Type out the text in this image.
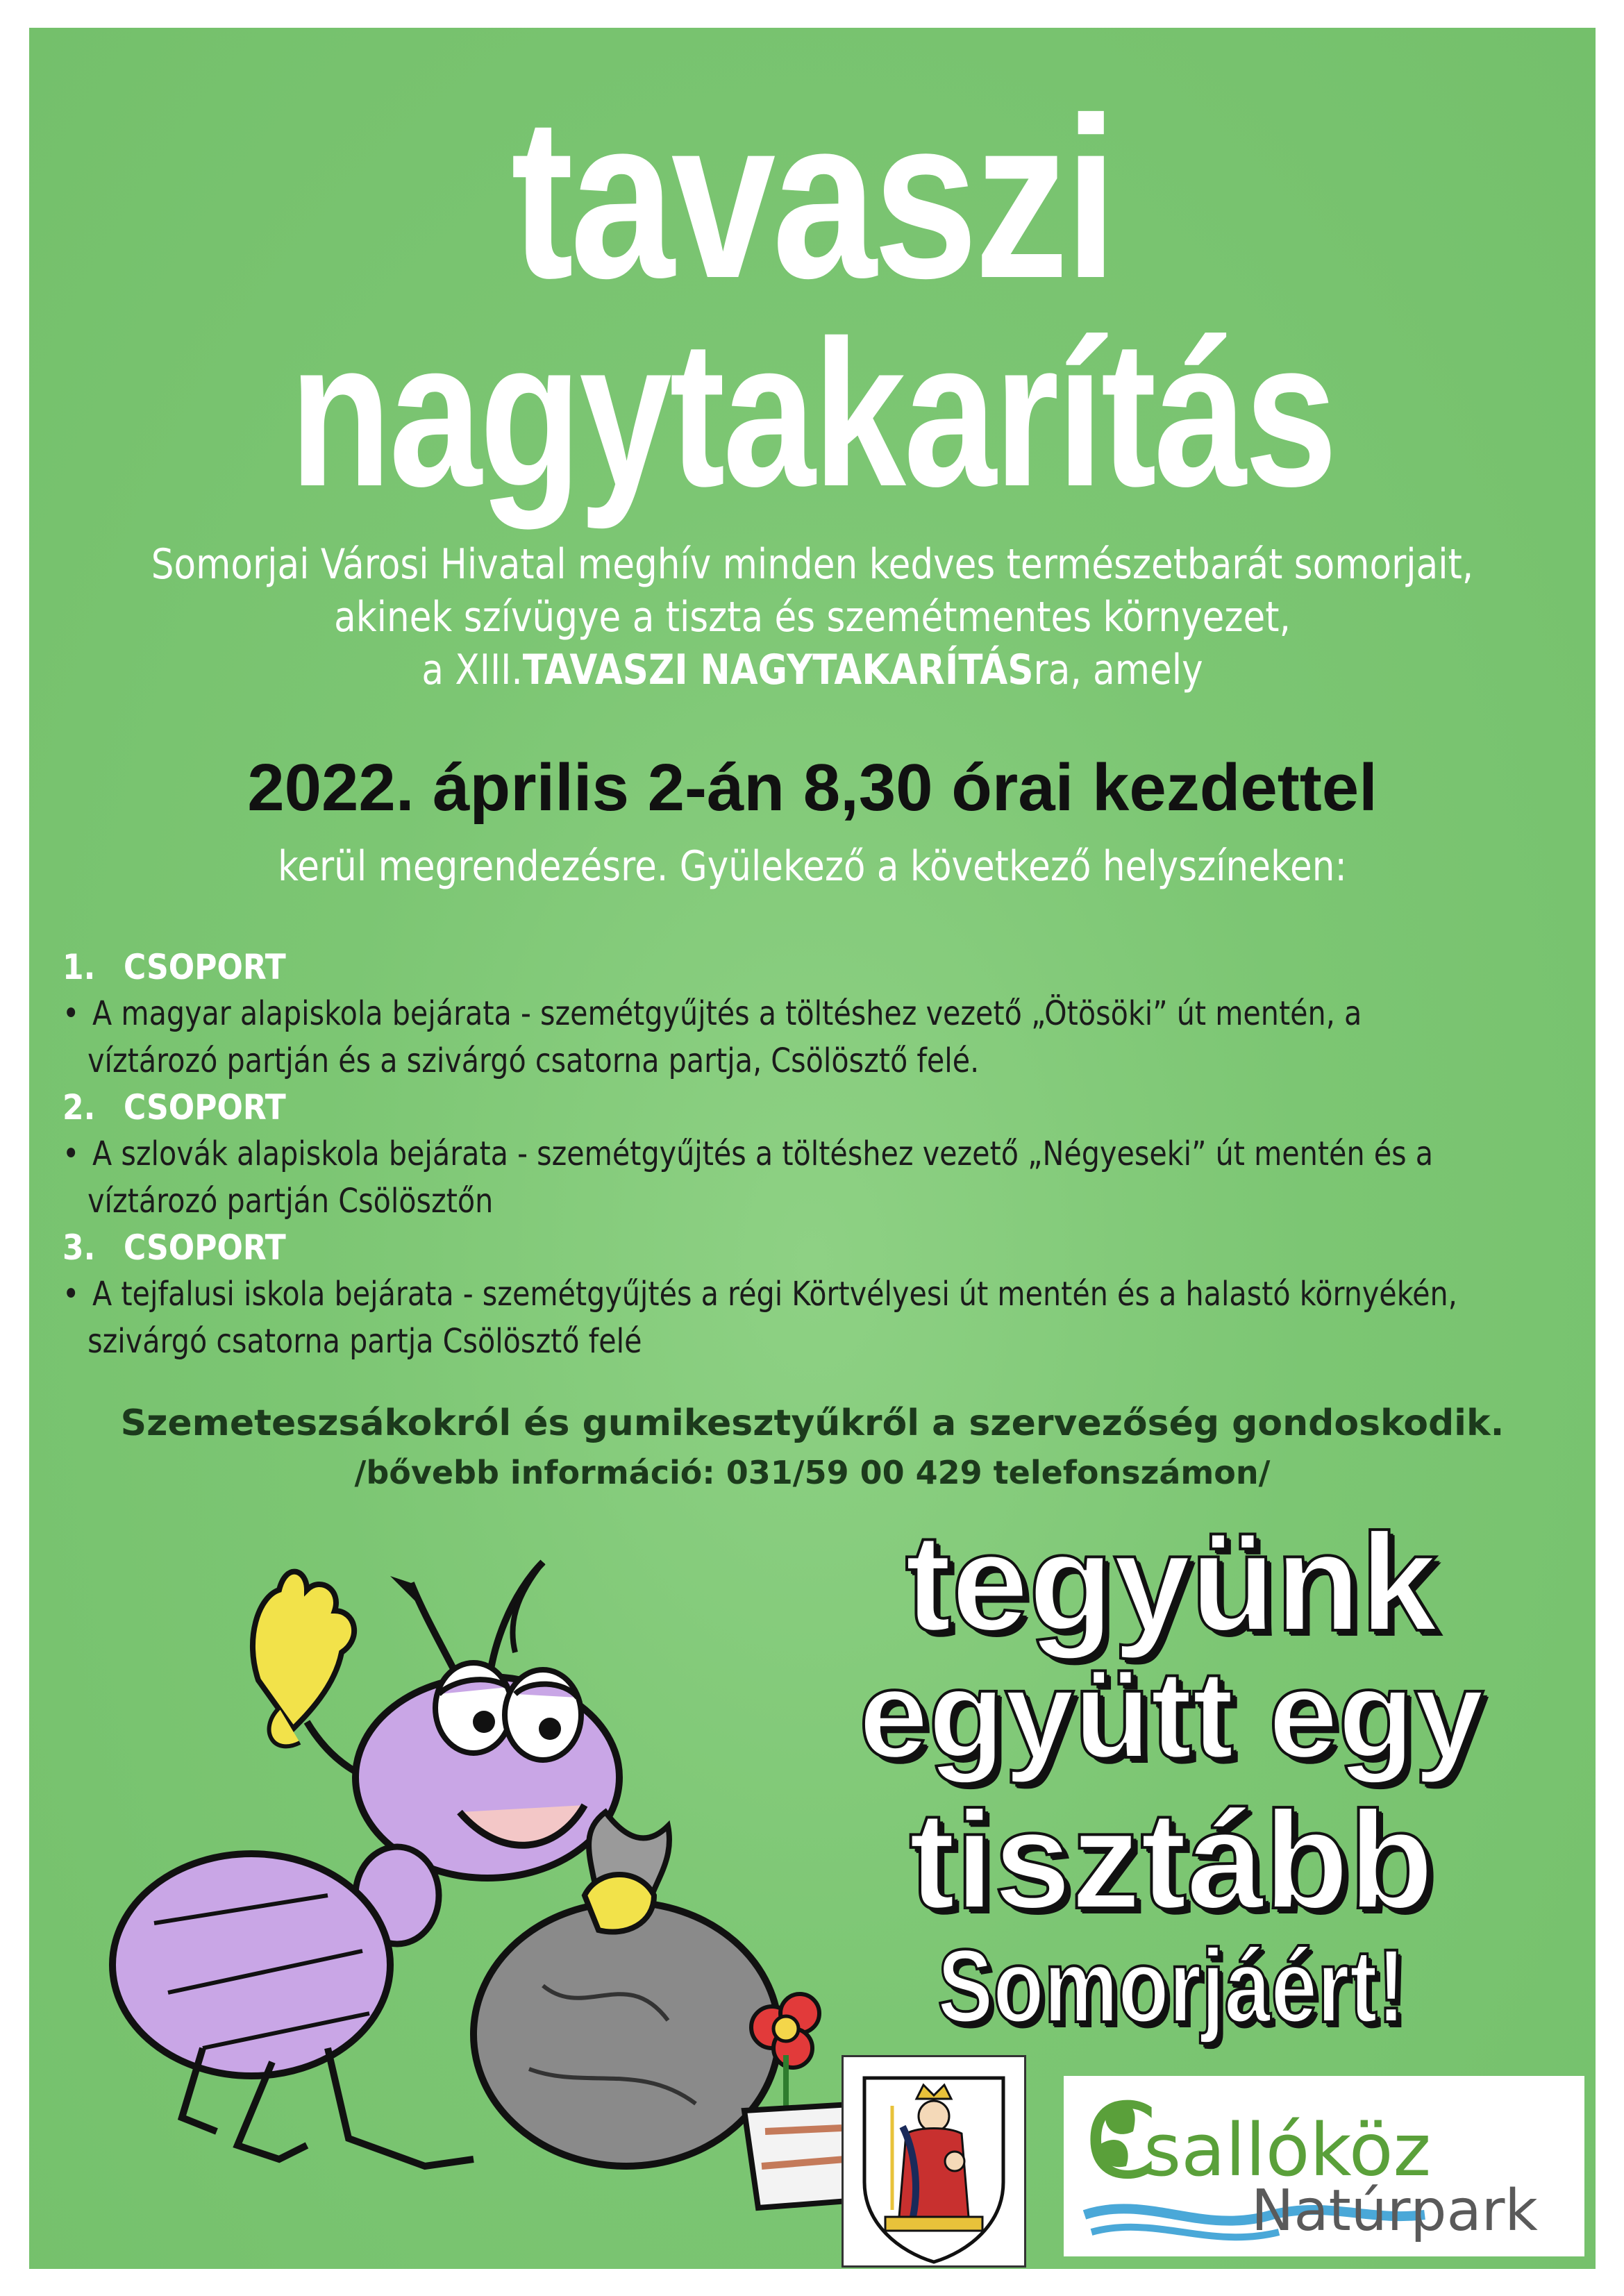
tavaszi
nagytakarítás

Somorjai Városi Hivatal meghív minden kedves természetbarát somorjait,

akinek szívügye a tiszta és szemétmentes környezet,

a XIII.TAVASZI NAGYTAKARÍTÁSra, amely

2022. április 2-án 8,30 órai kezdettel
kerül megrendezésre. Gyülekező a következő helyszíneken:
1. CSOPORT
• A magyar alapiskola bejárata - szemétgyűjtés a töltéshez vezető „Ötösöki” út mentén, a
víztározó partján és a szivárgó csatorna partja, Csölösztő felé.
2. CSOPORT
• A szlovák alapiskola bejárata - szemétgyűjtés a töltéshez vezető „Négyeseki” út mentén és a
víztározó partján Csölösztőn
3. CSOPORT
• A tejfalusi iskola bejárata - szemétgyűjtés a régi Körtvélyesi út mentén és a halastó környékén,
szivárgó csatorna partja Csölösztő felé
Szemeteszsákokról és gumikesztyűkről a szervezőség gondoskodik.
/bővebb információ: 031/59 00 429 telefonszámon/
tegyünk
együtt egy
tisztább
Somorjáért!
C
sallóköz
Natúrpark
